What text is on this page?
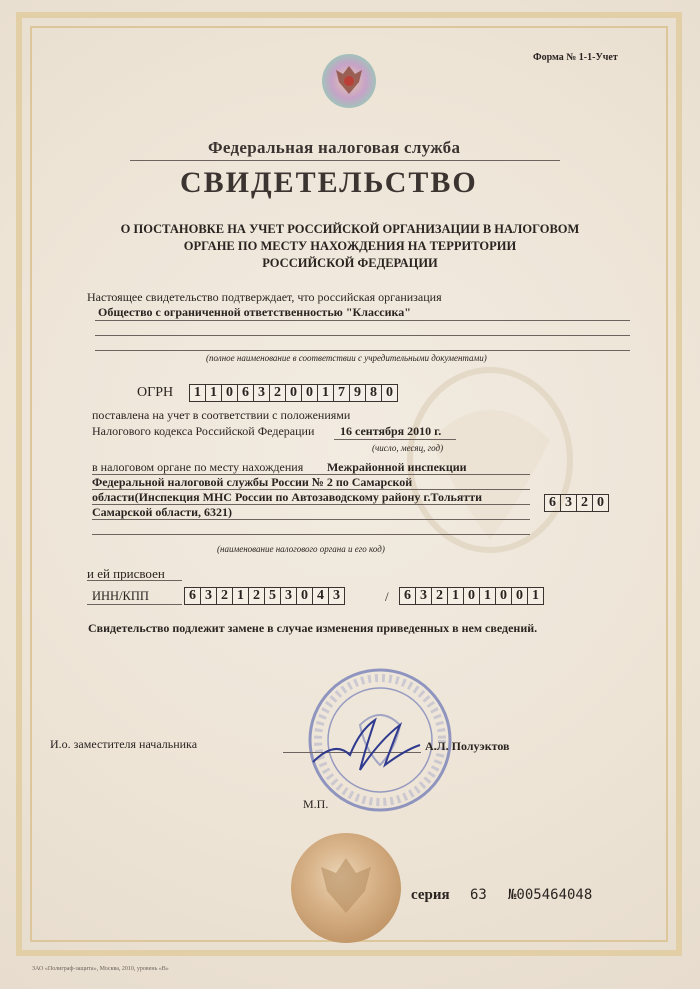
Форма № 1-1-Учет
Федеральная налоговая служба
СВИДЕТЕЛЬСТВО
О ПОСТАНОВКЕ НА УЧЕТ РОССИЙСКОЙ ОРГАНИЗАЦИИ В НАЛОГОВОМ
ОРГАНЕ ПО МЕСТУ НАХОЖДЕНИЯ НА ТЕРРИТОРИИ
РОССИЙСКОЙ ФЕДЕРАЦИИ
Настоящее свидетельство подтверждает, что российская организация
Общество с ограниченной ответственностью "Классика"
(полное наименование в соответствии с учредительными документами)
ОГРН	1 1 0 6 3 2 0 0 1 7 9 8 0
поставлена на учет в соответствии с положениями
Налогового кодекса Российской Федерации 16 сентября 2010 г.
(число, месяц, год)
в налоговом органе по месту нахождения Межрайонной инспекции
Федеральной налоговой службы России № 2 по Самарской
области(Инспекция МНС России по Автозаводскому району г.Тольятти
Самарской области, 6321)
6 3 2 0
(наименование налогового органа и его код)
и ей присвоен
ИНН/КПП	6 3 2 1 2 5 3 0 4 3	/	6 3 2 1 0 1 0 0 1
Свидетельство подлежит замене в случае изменения приведенных в нем сведений.
И.о. заместителя начальника	А.Л. Полуэктов
М.П.
серия 63 №005464048
ЗАО «Полиграф-защита», Москва, 2010, уровень «В»
